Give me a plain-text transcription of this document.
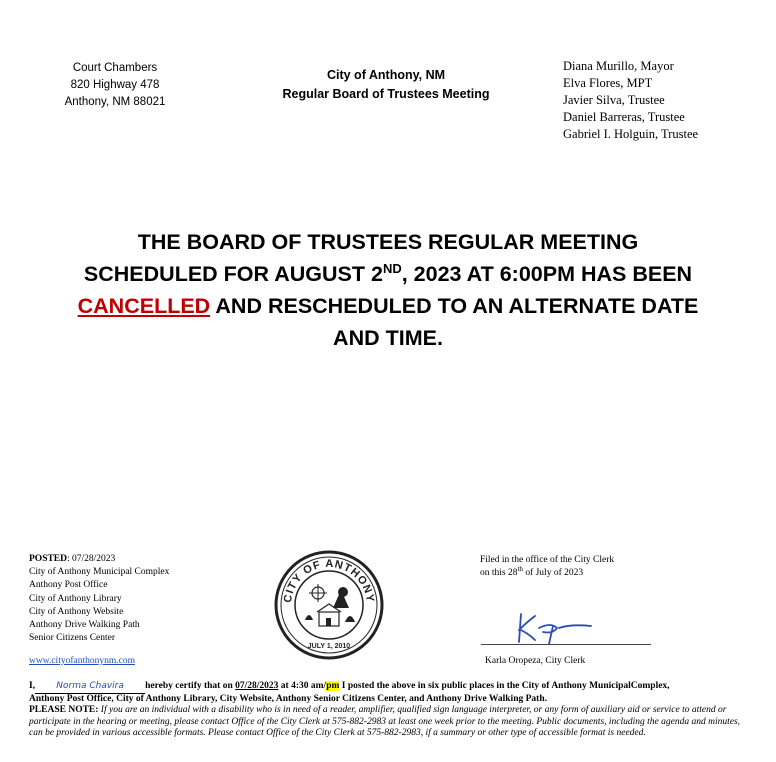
Court Chambers
820 Highway 478
Anthony, NM 88021
City of Anthony, NM
Regular Board of Trustees Meeting
Diana Murillo, Mayor
Elva Flores, MPT
Javier Silva, Trustee
Daniel Barreras, Trustee
Gabriel I. Holguin, Trustee
THE BOARD OF TRUSTEES REGULAR MEETING
SCHEDULED FOR AUGUST 2ND, 2023 AT 6:00PM HAS BEEN
CANCELLED AND RESCHEDULED TO AN ALTERNATE DATE
AND TIME.
POSTED: 07/28/2023
City of Anthony Municipal Complex
Anthony Post Office
City of Anthony Library
City of Anthony Website
Anthony Drive Walking Path
Senior Citizens Center
www.cityofanthonynm.com
CITY OF ANTHONY
JULY 1, 2010
Filed in the office of the City Clerk
on this 28th of July of 2023
Karla Oropeza, City Clerk
I, Norma Chavira hereby certify that on 07/28/2023 at 4:30 am/pm I posted the above in six public places in the City of Anthony MunicipalComplex,
Anthony Post Office, City of Anthony Library, City Website, Anthony Senior Citizens Center, and Anthony Drive Walking Path.
PLEASE NOTE: If you are an individual with a disability who is in need of a reader, amplifier, qualified sign language interpreter, or any form of auxiliary aid or service to attend or participate in the hearing or meeting, please contact Office of the City Clerk at 575-882-2983 at least one week prior to the meeting. Public documents, including the agenda and minutes, can be provided in various accessible formats. Please contact Office of the City Clerk at 575-882-2983, if a summary or other type of accessible format is needed.
